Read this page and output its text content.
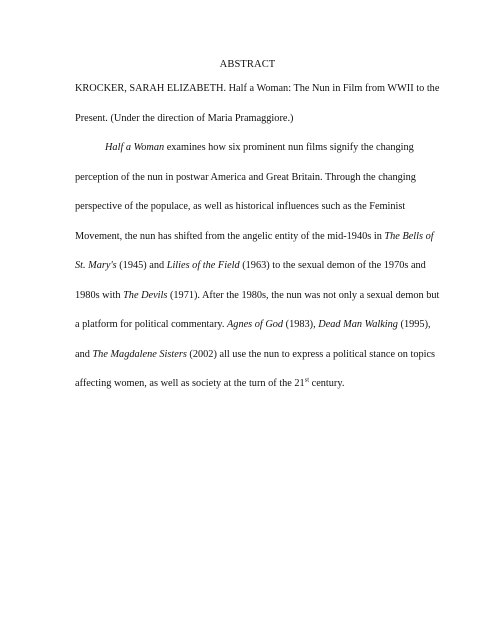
ABSTRACT
KROCKER, SARAH ELIZABETH. Half a Woman: The Nun in Film from WWII to the
Present. (Under the direction of Maria Pramaggiore.)
Half a Woman examines how six prominent nun films signify the changing
perception of the nun in postwar America and Great Britain. Through the changing
perspective of the populace, as well as historical influences such as the Feminist
Movement, the nun has shifted from the angelic entity of the mid-1940s in The Bells of
St. Mary's (1945) and Lilies of the Field (1963) to the sexual demon of the 1970s and
1980s with The Devils (1971). After the 1980s, the nun was not only a sexual demon but
a platform for political commentary. Agnes of God (1983), Dead Man Walking (1995),
and The Magdalene Sisters (2002) all use the nun to express a political stance on topics
affecting women, as well as society at the turn of the 21st century.
